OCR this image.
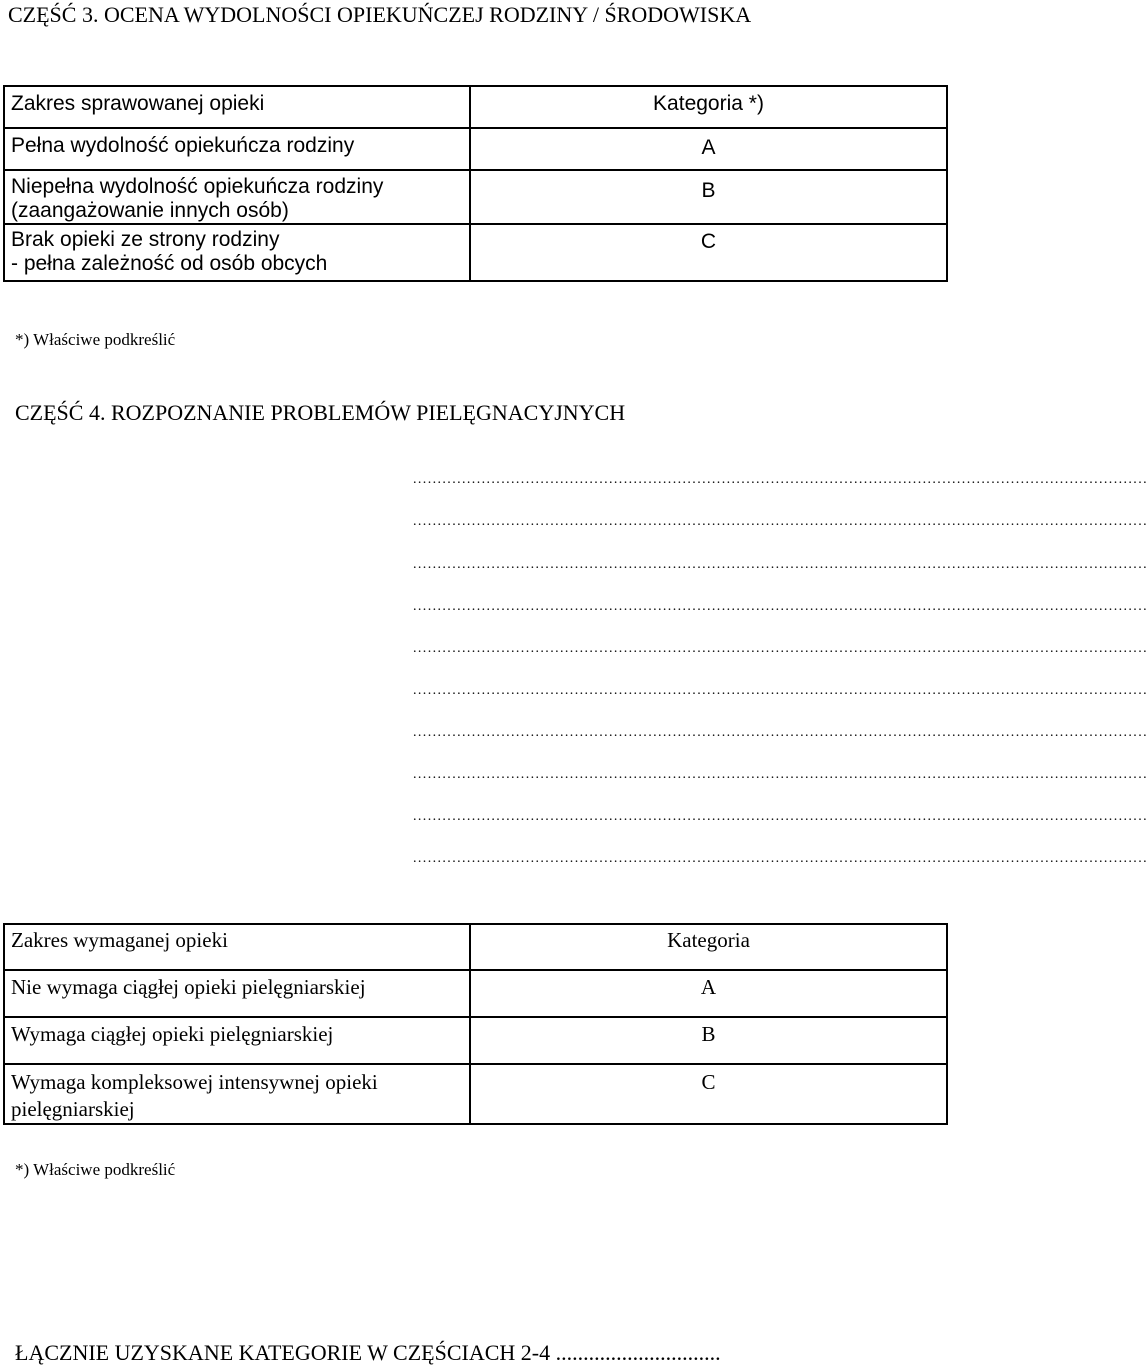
CZĘŚĆ 3. OCENA WYDOLNOŚCI OPIEKUŃCZEJ RODZINY / ŚRODOWISKA
Zakres sprawowanej opieki	Kategoria *)
Pełna wydolność opiekuńcza rodziny	A

Niepełna wydolność opiekuńcza rodziny
(zaangażowanie innych osób)	B

Brak opieki ze strony rodziny
- pełna zależność od osób obcych	C
*) Właściwe podkreślić
CZĘŚĆ 4. ROZPOZNANIE PROBLEMÓW PIELĘGNACYJNYCH
......................................................................................................................................................
......................................................................................................................................................
......................................................................................................................................................
......................................................................................................................................................
......................................................................................................................................................
......................................................................................................................................................
......................................................................................................................................................
......................................................................................................................................................
......................................................................................................................................................
......................................................................................................................................................
Zakres wymaganej opieki	Kategoria
Nie wymaga ciągłej opieki pielęgniarskiej	A
Wymaga ciągłej opieki pielęgniarskiej	B

Wymaga kompleksowej intensywnej opieki
pielęgniarskiej	C
*) Właściwe podkreślić
ŁĄCZNIE UZYSKANE KATEGORIE W CZĘŚCIACH 2-4 ..............................
